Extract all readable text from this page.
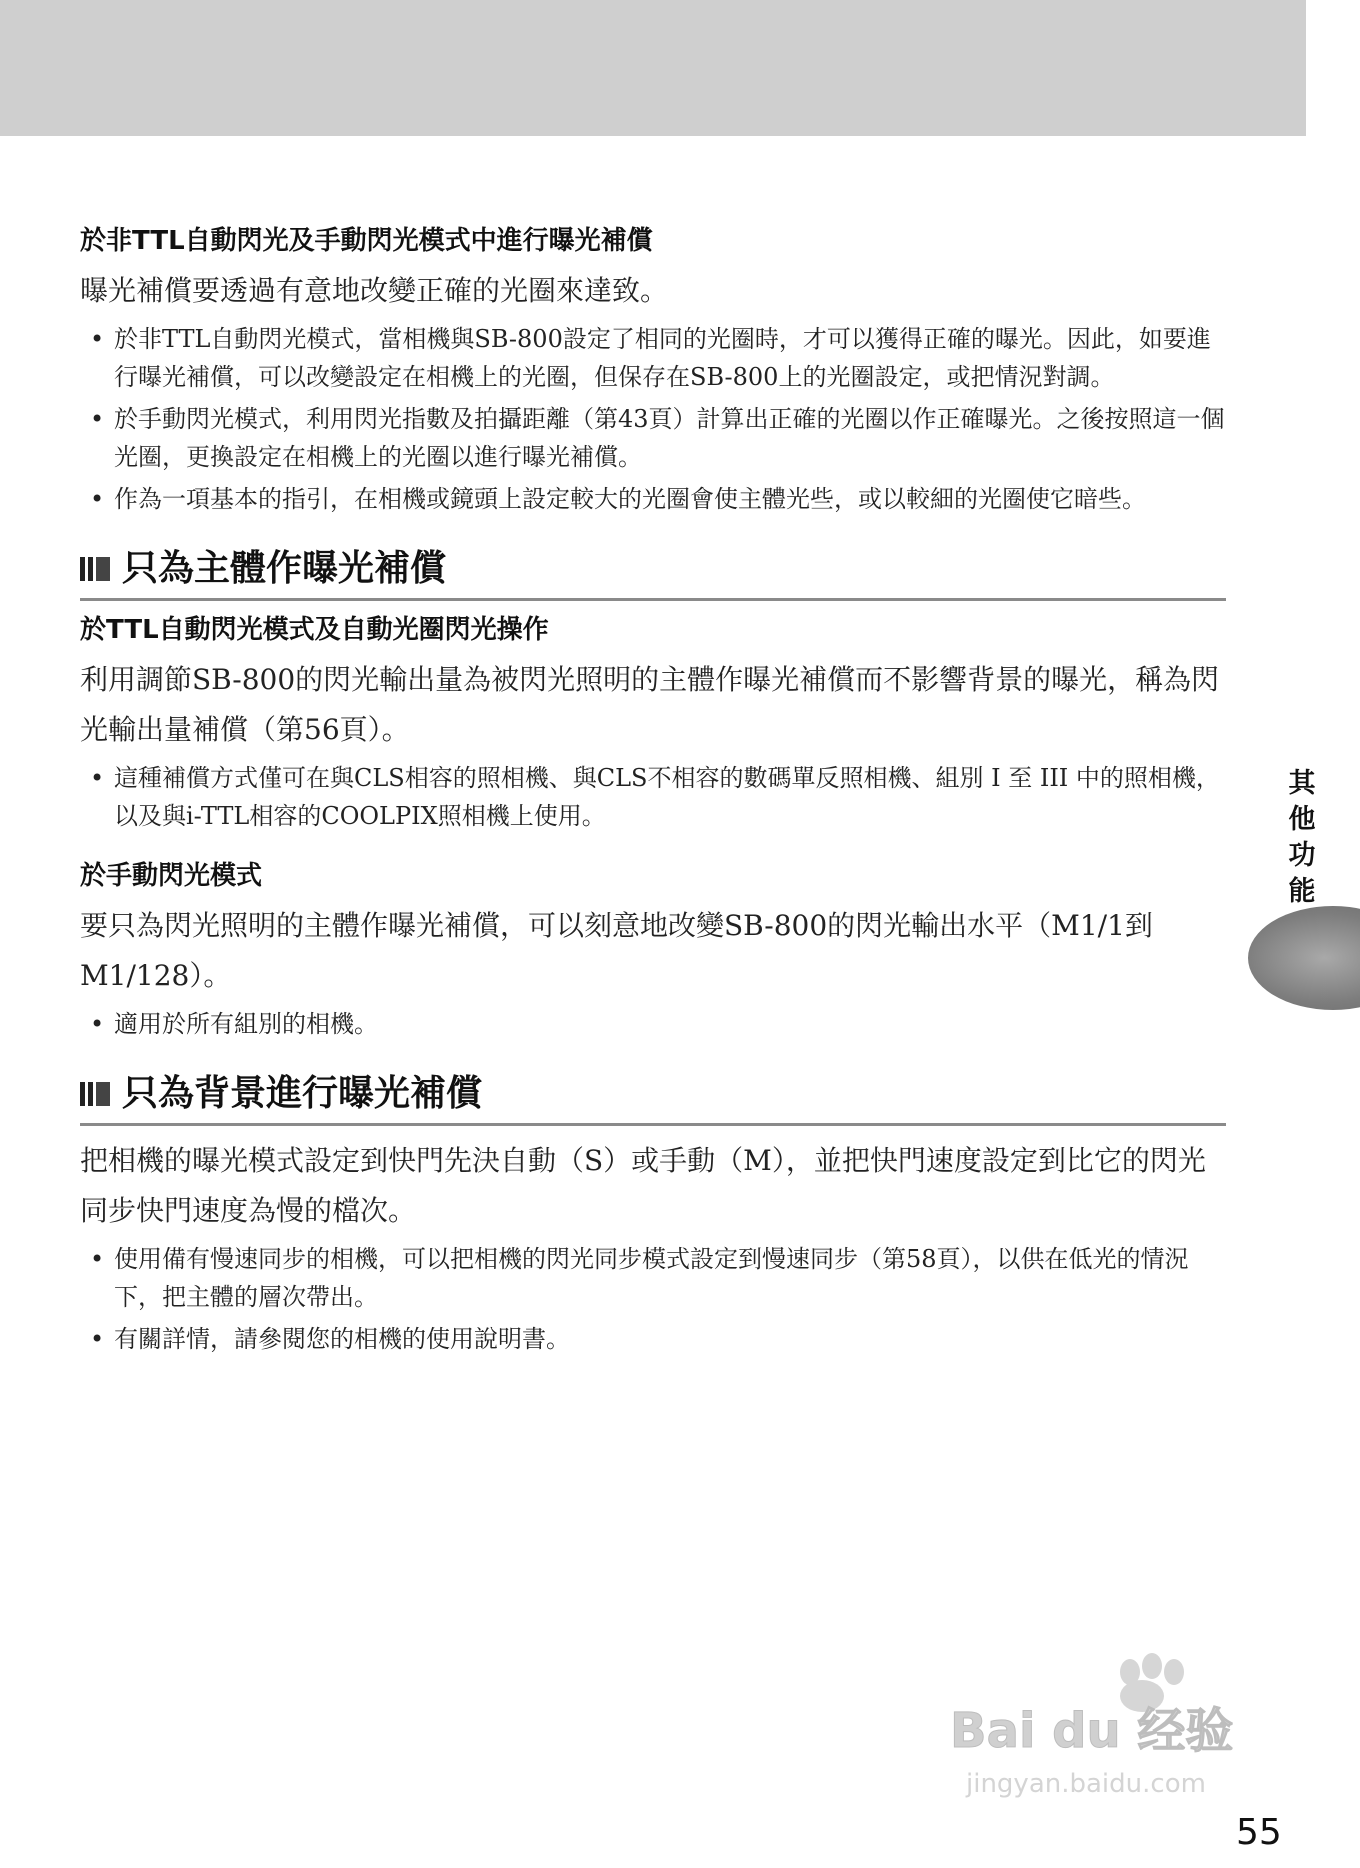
於非TTL自動閃光及手動閃光模式中進行曝光補償

曝光補償要透過有意地改變正確的光圈來達致。

• 於非TTL自動閃光模式，當相機與SB-800設定了相同的光圈時，才可以獲得正確的曝光。因此，如要進行曝光補償，可以改變設定在相機上的光圈，但保存在SB-800上的光圈設定，或把情況對調。
• 於手動閃光模式，利用閃光指數及拍攝距離（第43頁）計算出正確的光圈以作正確曝光。之後按照這一個光圈，更換設定在相機上的光圈以進行曝光補償。
• 作為一項基本的指引，在相機或鏡頭上設定較大的光圈會使主體光些，或以較細的光圈使它暗些。
只為主體作曝光補償
於TTL自動閃光模式及自動光圈閃光操作

利用調節SB-800的閃光輸出量為被閃光照明的主體作曝光補償而不影響背景的曝光，稱為閃光輸出量補償（第56頁）。

• 這種補償方式僅可在與CLS相容的照相機、與CLS不相容的數碼單反照相機、組別 I 至 III 中的照相機，以及與i-TTL相容的COOLPIX照相機上使用。
於手動閃光模式

要只為閃光照明的主體作曝光補償，可以刻意地改變SB-800的閃光輸出水平（M1/1到M1/128）。

• 適用於所有組別的相機。
只為背景進行曝光補償

把相機的曝光模式設定到快門先決自動（S）或手動（M），並把快門速度設定到比它的閃光同步快門速度為慢的檔次。

• 使用備有慢速同步的相機，可以把相機的閃光同步模式設定到慢速同步（第58頁），以供在低光的情況下，把主體的層次帶出。
• 有關詳情，請參閱您的相機的使用說明書。
其他功能
Bai du 经验
jingyan.baidu.com
55
